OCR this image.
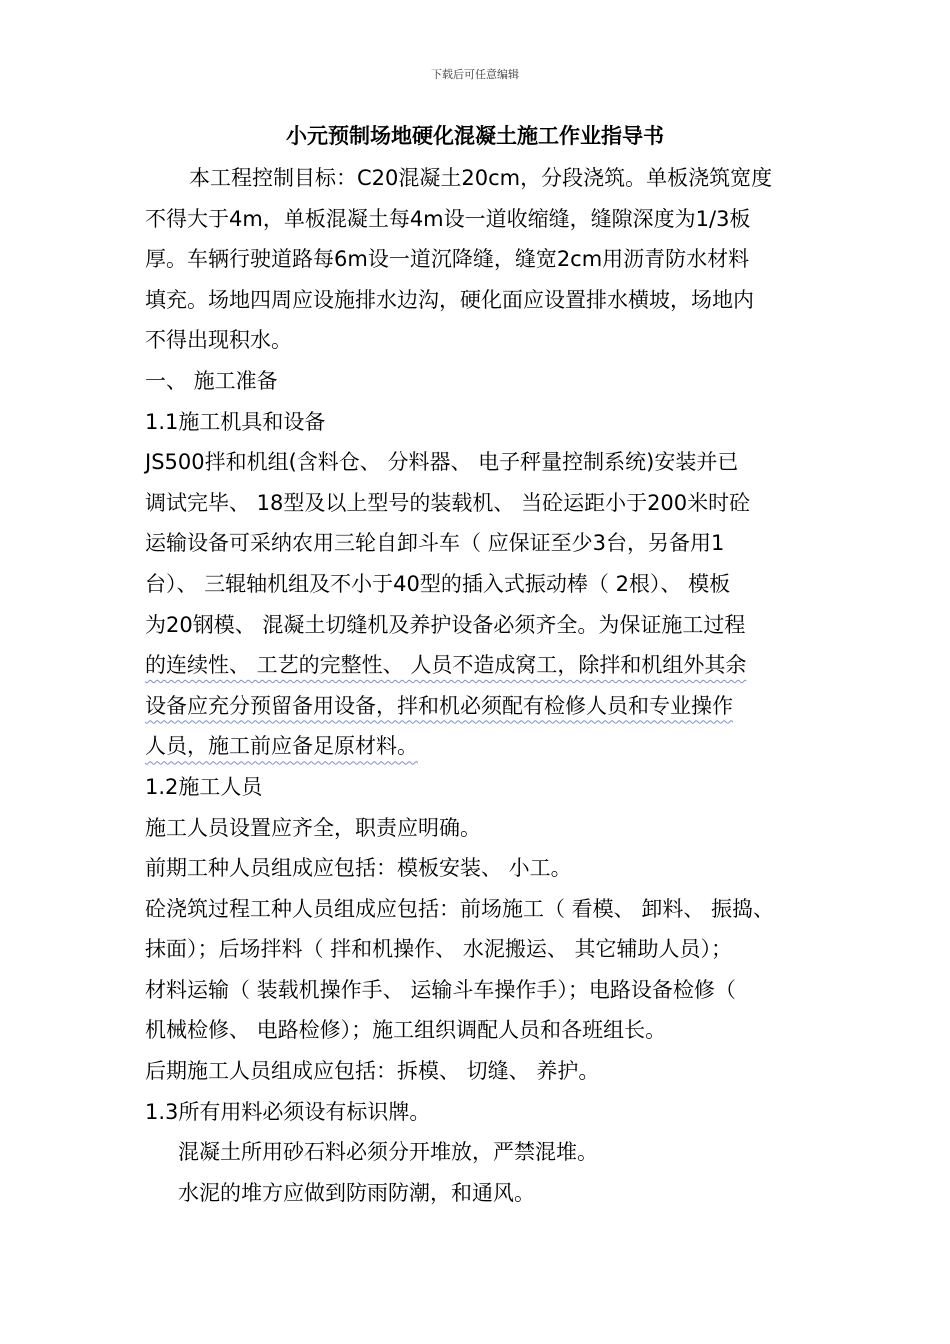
下载后可任意编辑
小元预制场地硬化混凝土施工作业指导书
本工程控制目标：C20混凝土20cm，分段浇筑。单板浇筑宽度
不得大于4m，单板混凝土每4m设一道收缩缝，缝隙深度为1/3板
厚。车辆行驶道路每6m设一道沉降缝，缝宽2cm用沥青防水材料
填充。场地四周应设施排水边沟，硬化面应设置排水横坡，场地内
不得出现积水。
一、 施工准备
1.1施工机具和设备
JS500拌和机组(含料仓、 分料器、 电子秤量控制系统)安装并已
调试完毕、 18型及以上型号的装载机、 当砼运距小于200米时砼
运输设备可采纳农用三轮自卸斗车（ 应保证至少3台，另备用1
台）、 三辊轴机组及不小于40型的插入式振动棒（ 2根）、 模板
为20钢模、 混凝土切缝机及养护设备必须齐全。为保证施工过程
的连续性、 工艺的完整性、 人员不造成窝工，除拌和机组外其余
设备应充分预留备用设备，拌和机必须配有检修人员和专业操作
人员，施工前应备足原材料。
1.2施工人员
施工人员设置应齐全，职责应明确。
前期工种人员组成应包括：模板安装、 小工。
砼浇筑过程工种人员组成应包括：前场施工（ 看模、 卸料、 振捣、
抹面）；后场拌料（ 拌和机操作、 水泥搬运、 其它辅助人员）；
材料运输（ 装载机操作手、 运输斗车操作手）；电路设备检修（
机械检修、 电路检修）；施工组织调配人员和各班组长。
后期施工人员组成应包括：拆模、 切缝、 养护。
1.3所有用料必须设有标识牌。
混凝土所用砂石料必须分开堆放，严禁混堆。
水泥的堆方应做到防雨防潮，和通风。
